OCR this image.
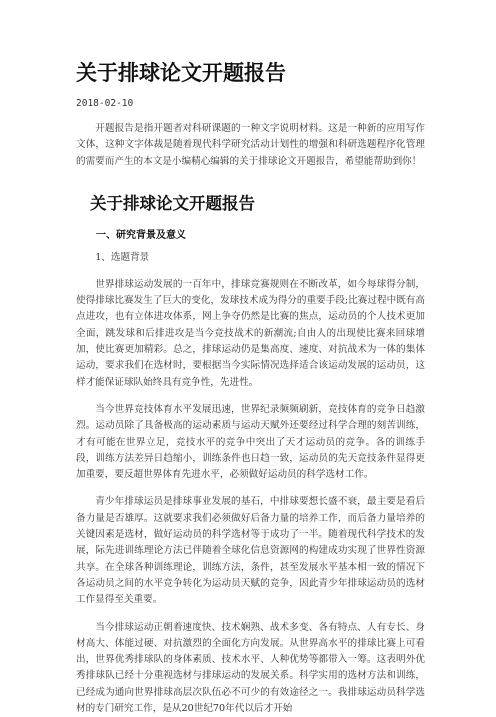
关于排球论文开题报告
2018-02-10

开题报告是指开题者对科研课题的一种文字说明材料。这是一种新的应用写作文体，这种文字体裁是随着现代科学研究活动计划性的增强和科研选题程序化管理的需要而产生的本文是小编精心编辑的关于排球论文开题报告，希望能帮助到你！

关于排球论文开题报告
一、研究背景及意义

1、选题背景

世界排球运动发展的一百年中，排球竞赛规则在不断改革，如今每球得分制，使得排球比赛发生了巨大的变化，发球技术成为得分的重要手段;比赛过程中既有高点进攻，也有立体进攻体系，网上争夺仍然是比赛的焦点，运动员的个人技术更加全面，跳发球和后排进攻是当今竞技战术的新潮流;自由人的出现使比赛来回球增加，使比赛更加精彩。总之，排球运动仍是集高度、速度、对抗战术为一体的集体运动，要求我们在选材时，要根据当今实际情况选择适合该运动发展的运动员，这样才能保证球队始终具有竞争性，先进性。

当今世界竞技体育水平发展迅速，世界纪录频频刷新，竞技体育的竞争日趋激烈。运动员除了具备极高的运动素质与运动天赋外还要经过科学合理的刻苦训练，才有可能在世界立足，竞技水平的竞争中突出了天才运动员的竞争。各的训练手段，训练方法差异日趋缩小，训练条件也日趋一致，运动员的先天竞技条件显得更加重要，要反超世界体育先进水平，必须做好运动员的科学选材工作。

青少年排球运员是排球事业发展的基石，中排球要想长盛不衰，最主要是看后备力量是否雄厚。这就要求我们必须做好后备力量的培养工作，而后备力量培养的关键因素是选材，做好运动员的科学选材等于成功了一半。随着现代科学技术的发展，际先进训练理论方法已伴随着全球化信息资源网的构建成功实现了世界性资源共享。在全球各种训练理论，训练方法，条件，甚至发展水平基本相一致的情况下各运动员之间的水平竞争转化为运动员天赋的竞争，因此青少年排球运动员的选材工作显得至关重要。

当今排球运动正朝着速度快、技术娴熟、战术多变、各有特点、人有专长、身材高大、体能过硬、对抗激烈的全面化方向发展。从世界高水平的排球比赛上可看出，世界优秀排球队的身体素质、技术水平、人种优势等都带入一筹。这表明外优秀排球队已经十分重视选材与排球运动的发展关系。科学实用的选材方法和训练，已经成为通向世界排球高层次队伍必不可少的有效途径之一。我排球运动员科学选材的专门研究工作，是从20世纪70年代以后才开始
